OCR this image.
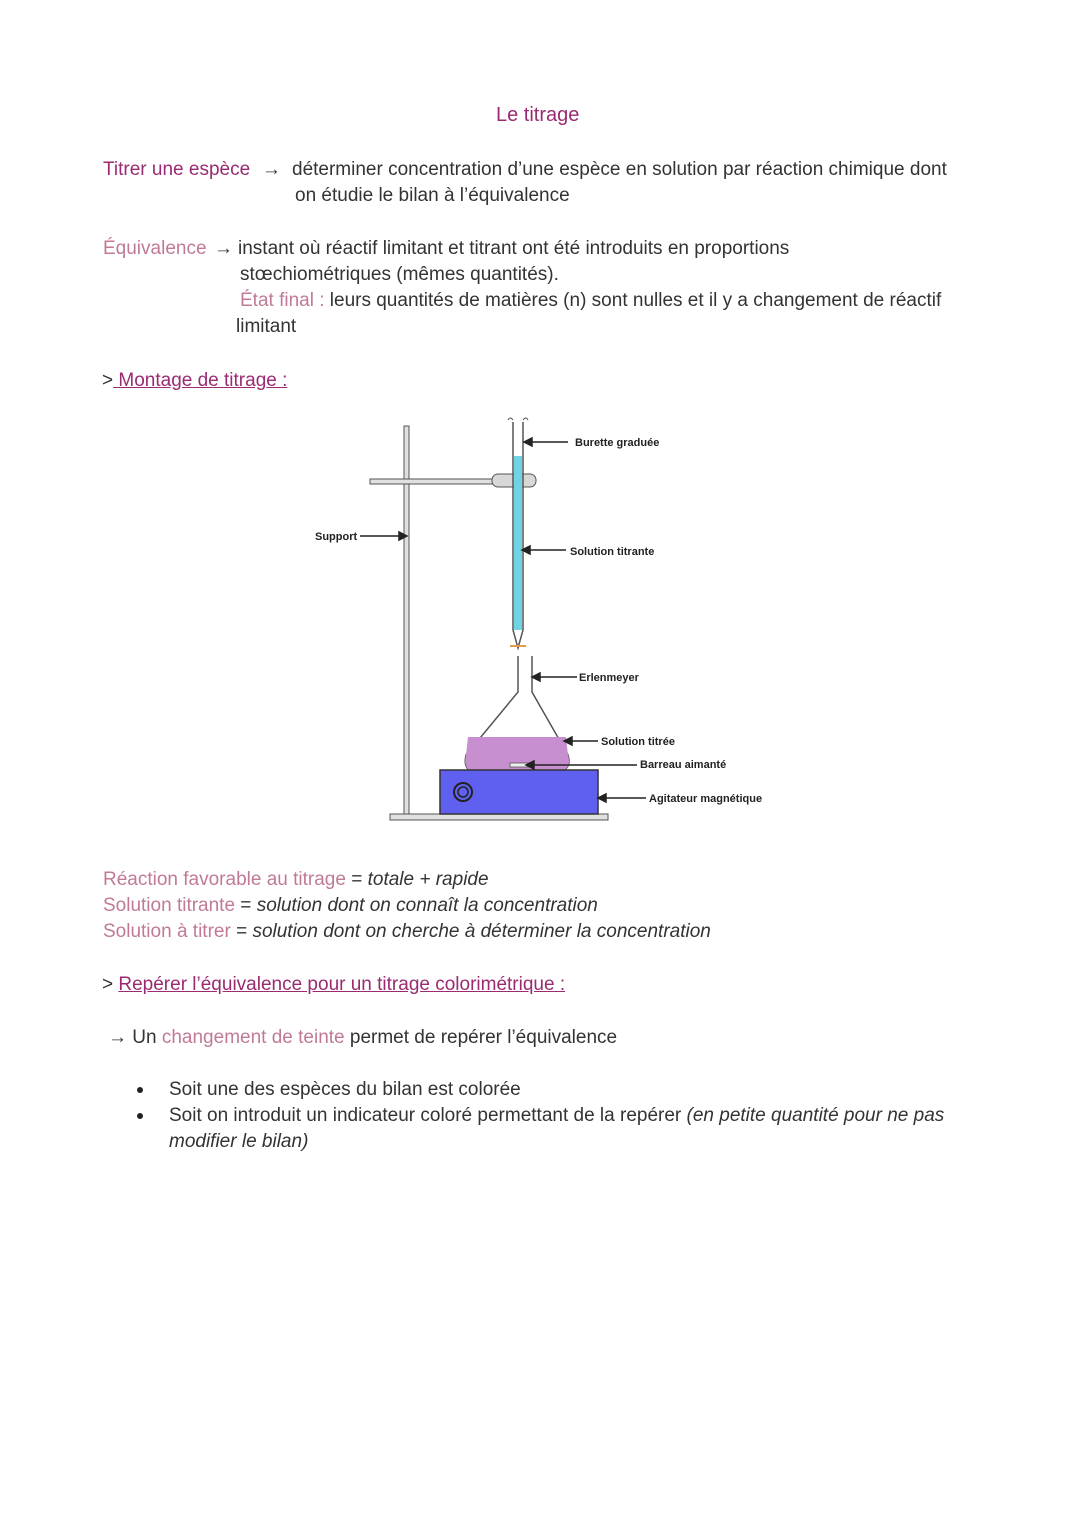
Le titrage
Titrer une espèce → déterminer concentration d’une espèce en solution par réaction chimique dont
on étudie le bilan à l’équivalence
Équivalence → instant où réactif limitant et titrant ont été introduits en proportions
stœchiométriques (mêmes quantités).
État final : leurs quantités de matières (n) sont nulles et il y a changement de réactif
limitant
> Montage de titrage :
Burette graduée
Support
Solution titrante
Erlenmeyer
Solution titrée
Barreau aimanté
Agitateur magnétique
Réaction favorable au titrage = totale + rapide
Solution titrante = solution dont on connaît la concentration
Solution à titrer = solution dont on cherche à déterminer la concentration
> Repérer l’équivalence pour un titrage colorimétrique :
→ Un changement de teinte permet de repérer l’équivalence
Soit une des espèces du bilan est colorée
Soit on introduit un indicateur coloré permettant de la repérer (en petite quantité pour ne pas
modifier le bilan)
